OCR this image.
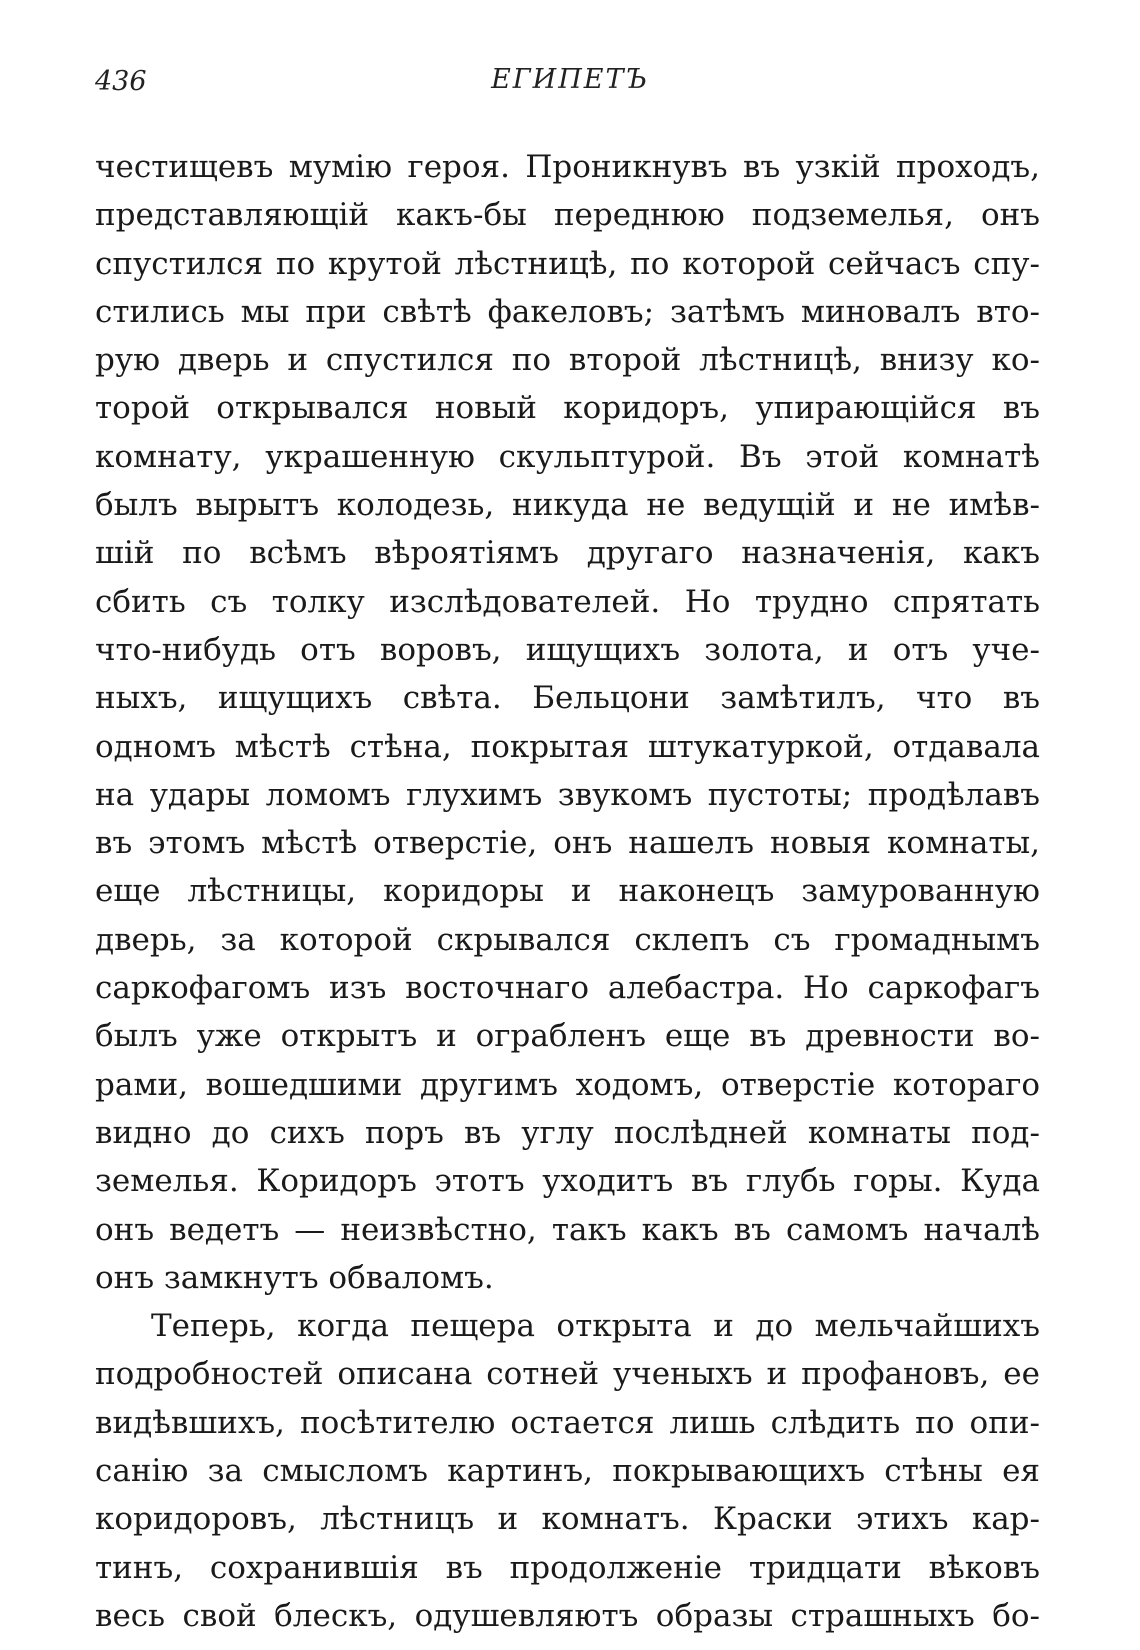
436	ЕГИПЕТЪ

честищевъ мумію героя. Проникнувъ въ узкій проходъ,
представляющій какъ-бы переднюю подземелья, онъ
спустился по крутой лѣстницѣ, по которой сейчасъ спу-
стились мы при свѣтѣ факеловъ; затѣмъ миновалъ вто-
рую дверь и спустился по второй лѣстницѣ, внизу ко-
торой открывался новый коридоръ, упирающійся въ
комнату, украшенную скульптурой. Въ этой комнатѣ
былъ вырытъ колодезь, никуда не ведущій и не имѣв-
шій по всѣмъ вѣроятіямъ другаго назначенія, какъ
сбить съ толку изслѣдователей. Но трудно спрятать
что-нибудь отъ воровъ, ищущихъ золота, и отъ уче-
ныхъ, ищущихъ свѣта. Бельцони замѣтилъ, что въ
одномъ мѣстѣ стѣна, покрытая штукатуркой, отдавала
на удары ломомъ глухимъ звукомъ пустоты; продѣлавъ
въ этомъ мѣстѣ отверстіе, онъ нашелъ новыя комнаты,
еще лѣстницы, коридоры и наконецъ замурованную
дверь, за которой скрывался склепъ съ громаднымъ
саркофагомъ изъ восточнаго алебастра. Но саркофагъ
былъ уже открытъ и ограбленъ еще въ древности во-
рами, вошедшими другимъ ходомъ, отверстіе котораго
видно до сихъ поръ въ углу послѣдней комнаты под-
земелья. Коридоръ этотъ уходитъ въ глубь горы. Куда
онъ ведетъ — неизвѣстно, такъ какъ въ самомъ началѣ
онъ замкнутъ обваломъ.

Теперь, когда пещера открыта и до мельчайшихъ
подробностей описана сотней ученыхъ и профановъ, ее
видѣвшихъ, посѣтителю остается лишь слѣдить по опи-
санію за смысломъ картинъ, покрывающихъ стѣны ея
коридоровъ, лѣстницъ и комнатъ. Краски этихъ кар-
тинъ, сохранившія въ продолженіе тридцати вѣковъ
весь свой блескъ, одушевляютъ образы страшныхъ бо-
